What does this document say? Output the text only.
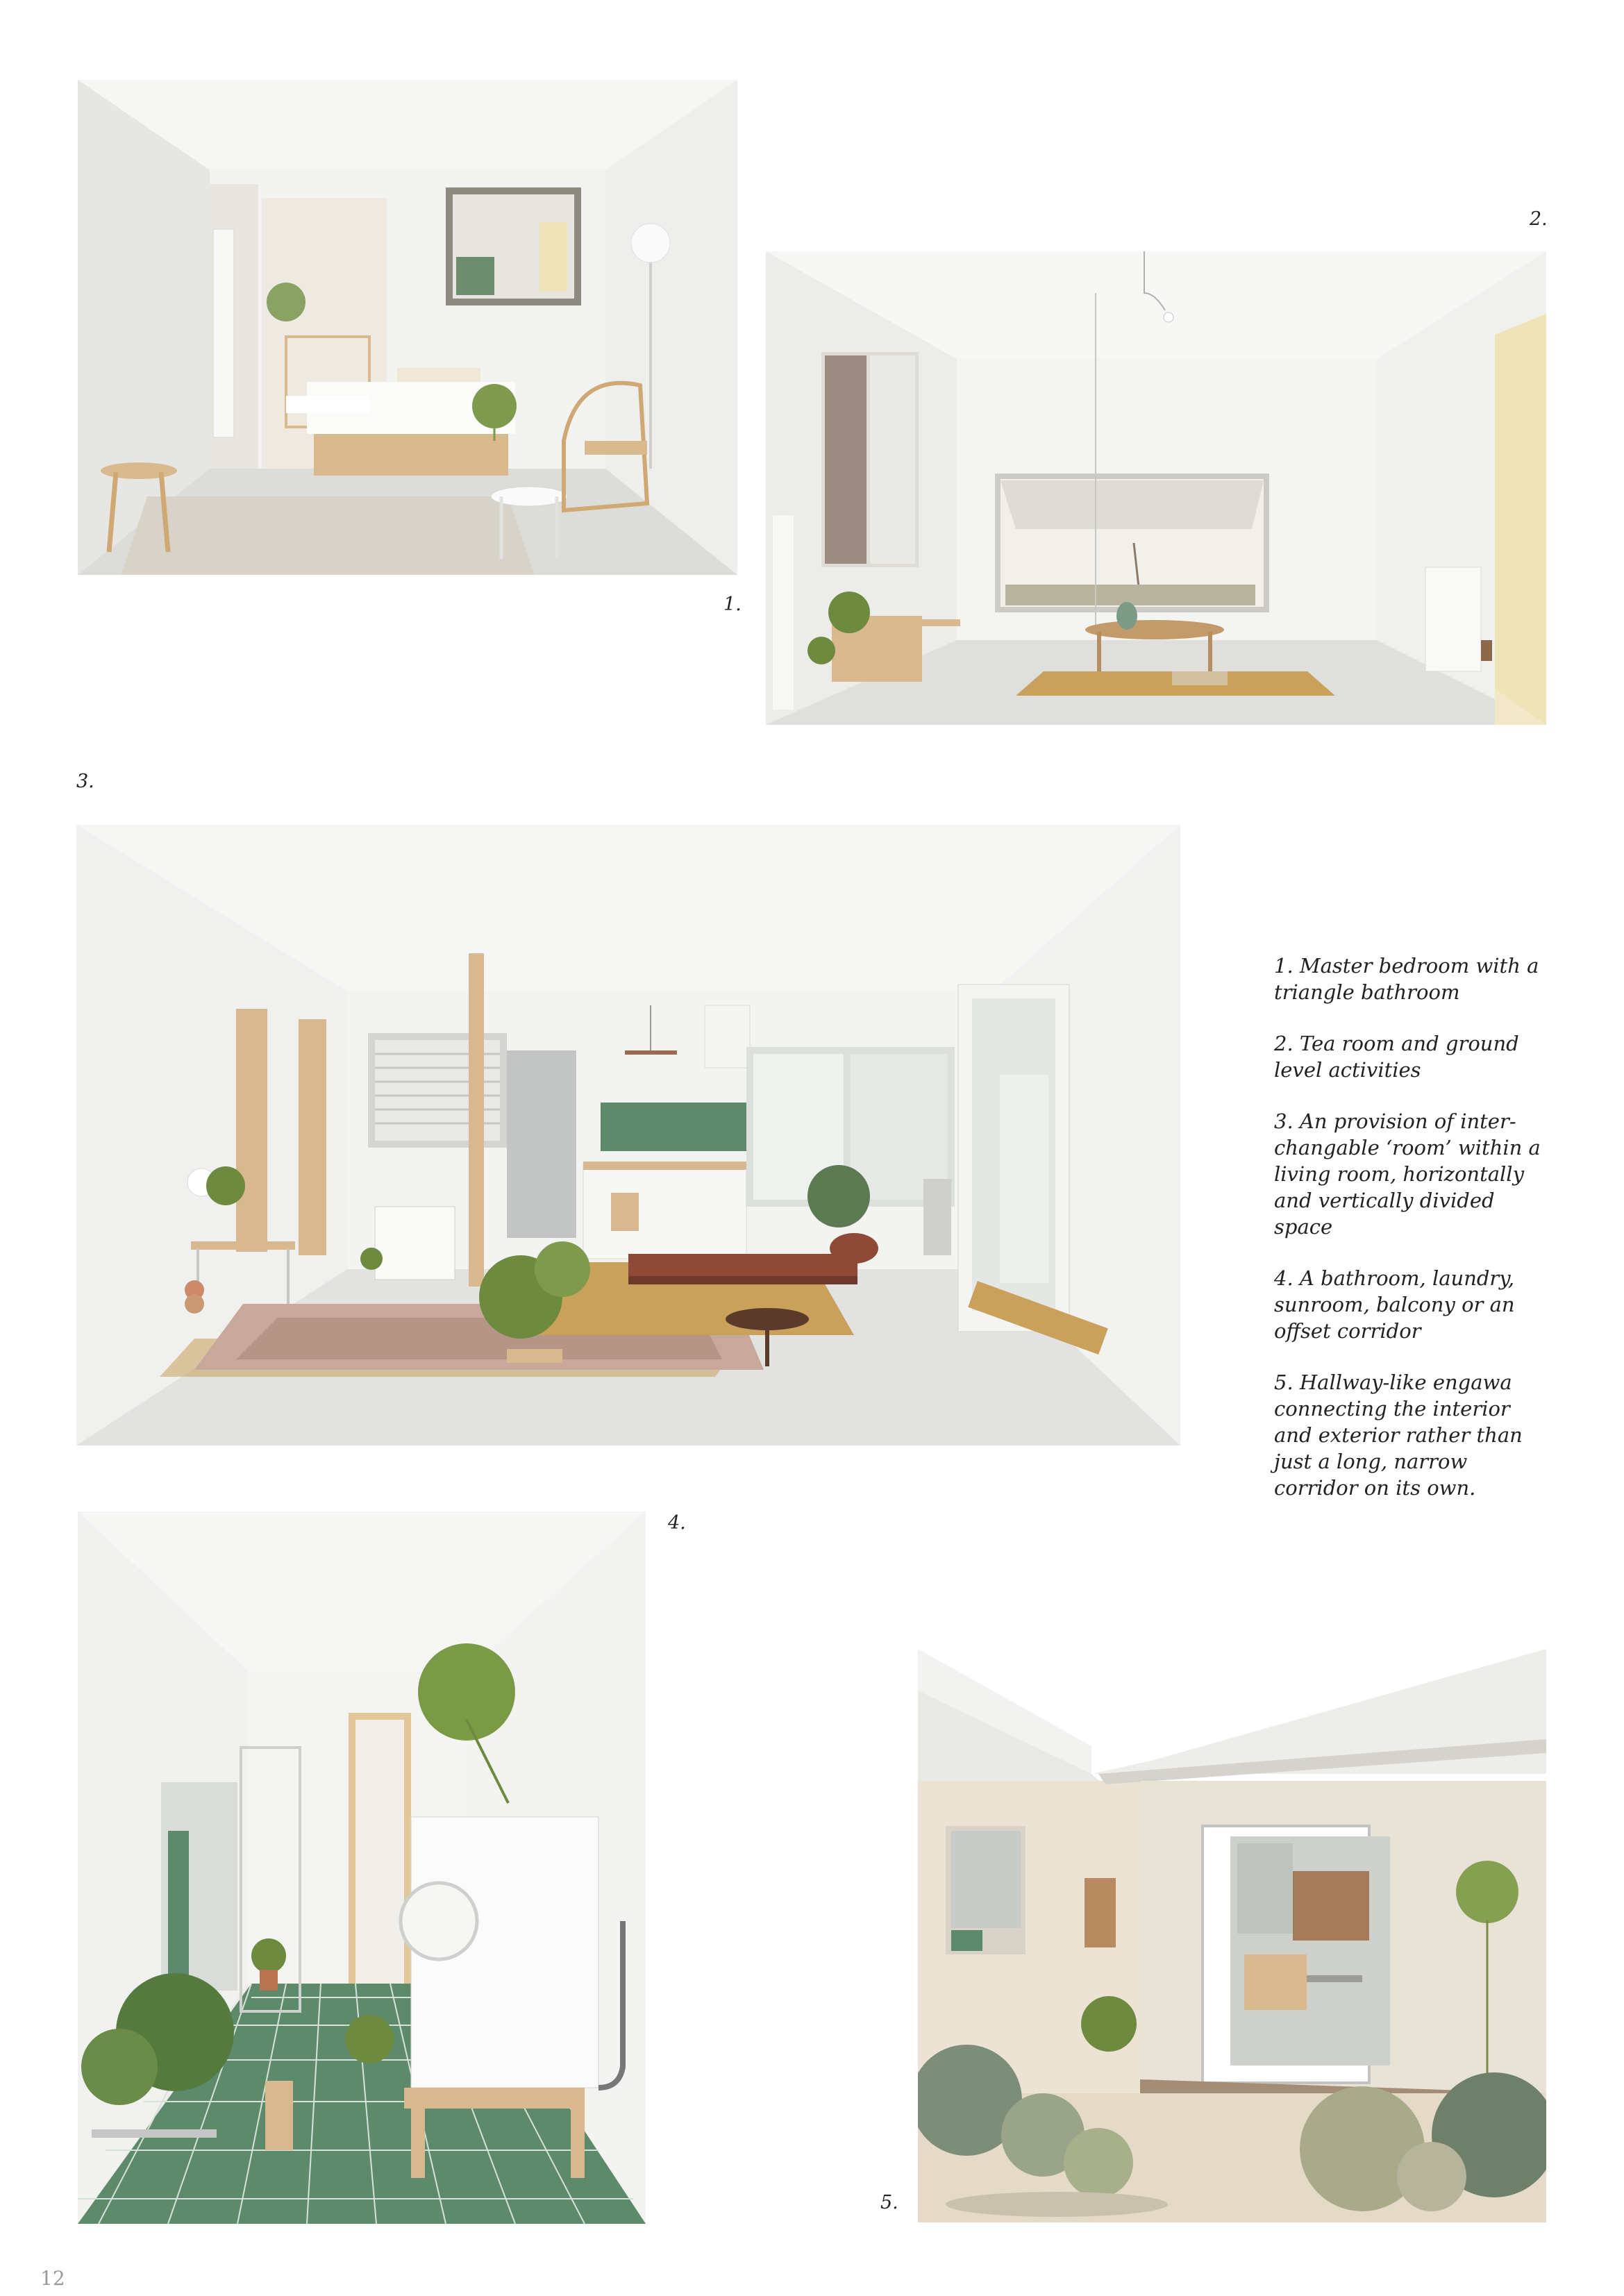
1.
2.
3.
4.
5.

1. Master bedroom with a triangle bathroom

2. Tea room and ground level activities

3. An provision of inter-changable ‘room’ within a living room, horizontally and vertically divided space

4. A bathroom, laundry, sunroom, balcony or an offset corridor

5. Hallway-like engawa connecting the interior and exterior rather than just a long, narrow corridor on its own.

12
